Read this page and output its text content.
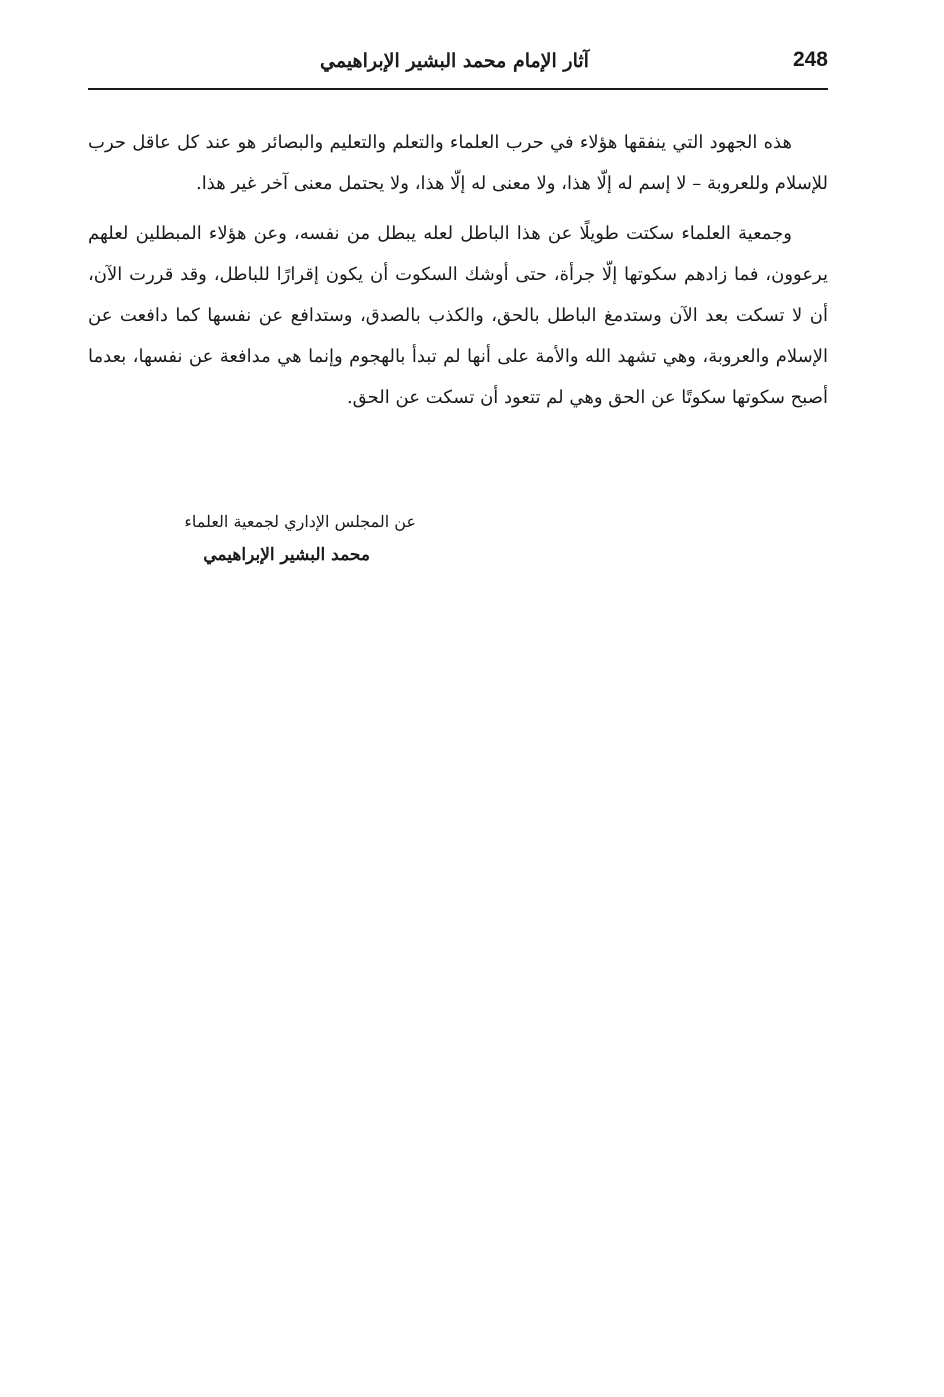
248
آثار الإمام محمد البشير الإبراهيمي

هذه الجهود التي ينفقها هؤلاء في حرب العلماء والتعلم والتعليم والبصائر هو عند كل عاقل حرب للإسلام وللعروبة – لا إسم له إلّا هذا، ولا معنى له إلّا هذا، ولا يحتمل معنى آخر غير هذا.

وجمعية العلماء سكتت طويلًا عن هذا الباطل لعله يبطل من نفسه، وعن هؤلاء المبطلين لعلهم يرعوون، فما زادهم سكوتها إلّا جرأة، حتى أوشك السكوت أن يكون إقرارًا للباطل، وقد قررت الآن، أن لا تسكت بعد الآن وستدمغ الباطل بالحق، والكذب بالصدق، وستدافع عن نفسها كما دافعت عن الإسلام والعروبة، وهي تشهد الله والأمة على أنها لم تبدأ بالهجوم وإنما هي مدافعة عن نفسها، بعدما أصبح سكوتها سكوتًا عن الحق وهي لم تتعود أن تسكت عن الحق.

عن المجلس الإداري لجمعية العلماء
محمد البشير الإبراهيمي
